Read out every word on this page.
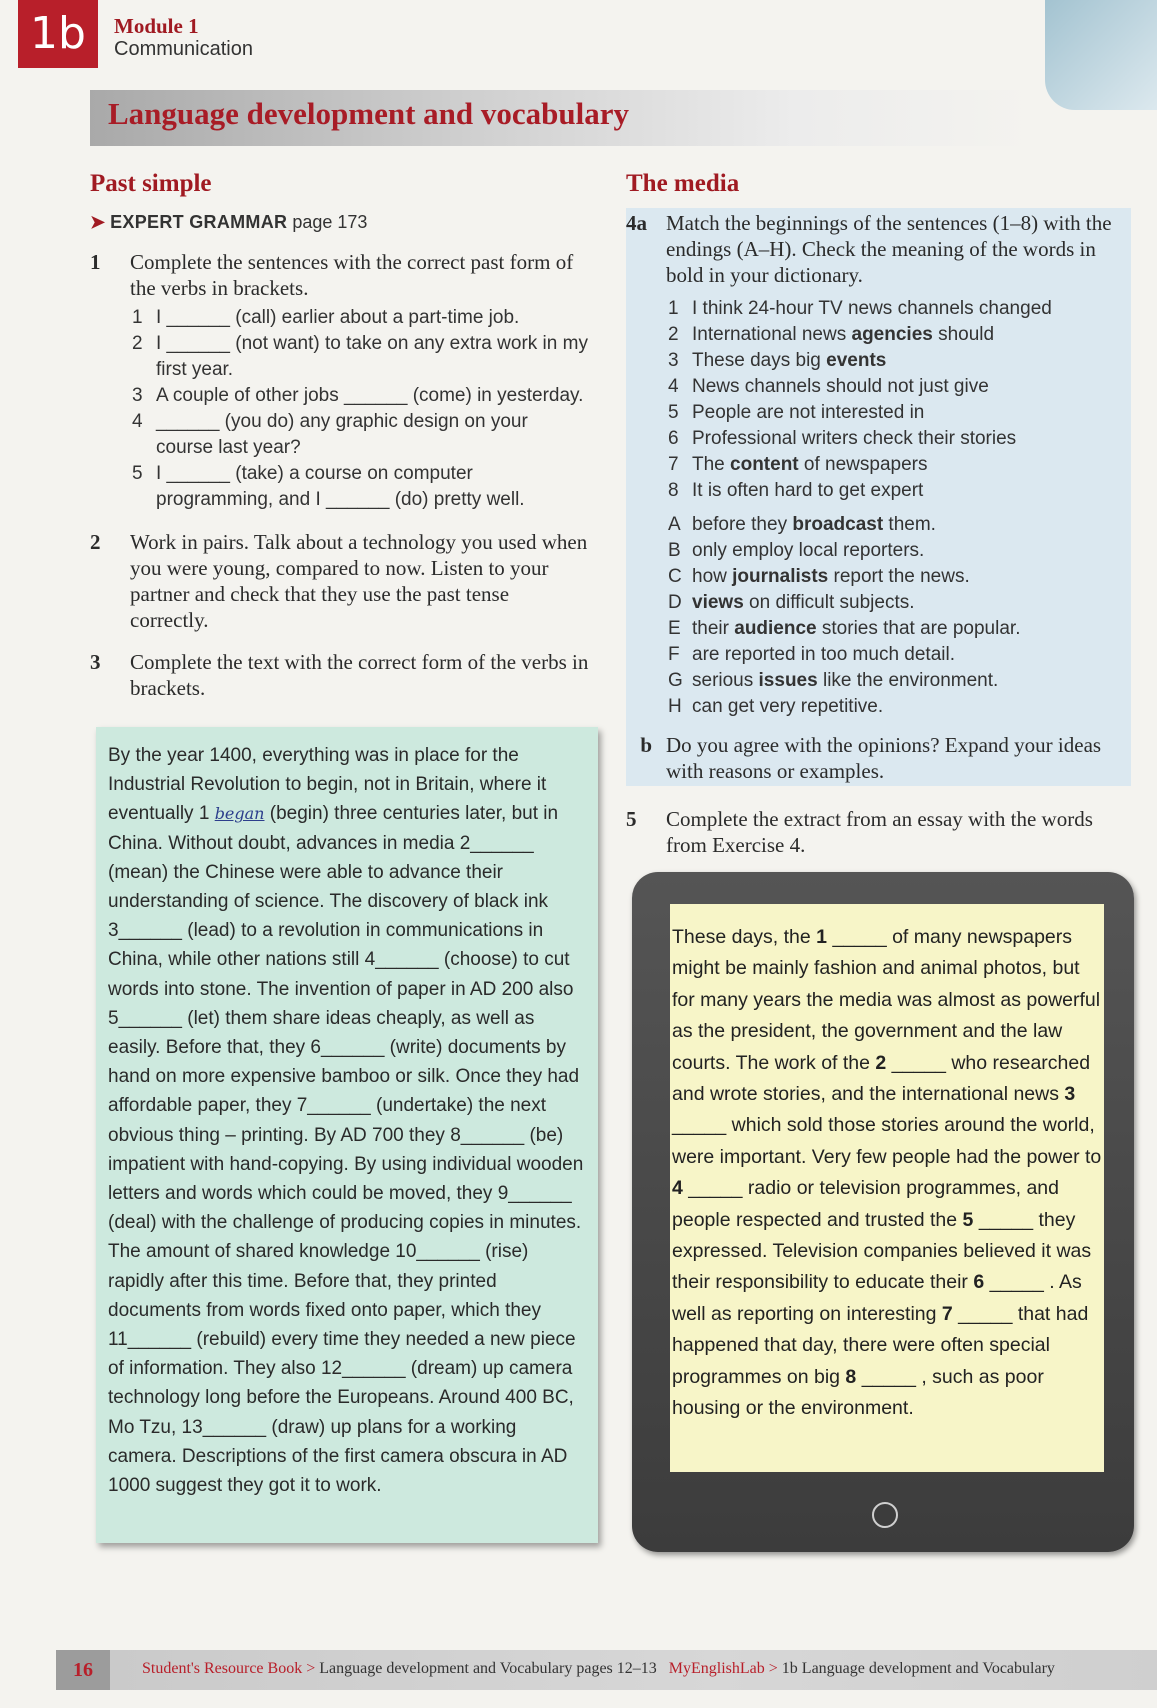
1b	Module 1
Communication
Language development and vocabulary
Past simple
➤ EXPERT GRAMMAR page 173
1	Complete the sentences with the correct past form of the verbs in brackets.
1 I ______ (call) earlier about a part-time job.
2 I ______ (not want) to take on any extra work in my first year.
3 A couple of other jobs ______ (come) in yesterday.
4 ______ (you do) any graphic design on your course last year?
5 I ______ (take) a course on computer programming, and I ______ (do) pretty well.
2	Work in pairs. Talk about a technology you used when you were young, compared to now. Listen to your partner and check that they use the past tense correctly.
3	Complete the text with the correct form of the verbs in brackets.
By the year 1400, everything was in place for the Industrial Revolution to begin, not in Britain, where it eventually 1 began (begin) three centuries later, but in China. Without doubt, advances in media 2______ (mean) the Chinese were able to advance their understanding of science. The discovery of black ink 3______ (lead) to a revolution in communications in China, while other nations still 4______ (choose) to cut words into stone. The invention of paper in AD 200 also 5______ (let) them share ideas cheaply, as well as easily. Before that, they 6______ (write) documents by hand on more expensive bamboo or silk. Once they had affordable paper, they 7______ (undertake) the next obvious thing – printing. By AD 700 they 8______ (be) impatient with hand-copying. By using individual wooden letters and words which could be moved, they 9______ (deal) with the challenge of producing copies in minutes. The amount of shared knowledge 10______ (rise) rapidly after this time. Before that, they printed documents from words fixed onto paper, which they 11______ (rebuild) every time they needed a new piece of information. They also 12______ (dream) up camera technology long before the Europeans. Around 400 BC, Mo Tzu, 13______ (draw) up plans for a working camera. Descriptions of the first camera obscura in AD 1000 suggest they got it to work.
The media
4a Match the beginnings of the sentences (1–8) with the endings (A–H). Check the meaning of the words in bold in your dictionary.
1 I think 24-hour TV news channels changed
2 International news agencies should
3 These days big events
4 News channels should not just give
5 People are not interested in
6 Professional writers check their stories
7 The content of newspapers
8 It is often hard to get expert
A before they broadcast them.
B only employ local reporters.
C how journalists report the news.
D views on difficult subjects.
E their audience stories that are popular.
F are reported in too much detail.
G serious issues like the environment.
H can get very repetitive.
b Do you agree with the opinions? Expand your ideas with reasons or examples.
5	Complete the extract from an essay with the words from Exercise 4.
These days, the 1 _____ of many newspapers might be mainly fashion and animal photos, but for many years the media was almost as powerful as the president, the government and the law courts. The work of the 2 _____ who researched and wrote stories, and the international news 3 _____ which sold those stories around the world, were important. Very few people had the power to 4 _____ radio or television programmes, and people respected and trusted the 5 _____ they expressed. Television companies believed it was their responsibility to educate their 6 _____ . As well as reporting on interesting 7 _____ that had happened that day, there were often special programmes on big 8 _____ , such as poor housing or the environment.
16	Student's Resource Book > Language development and Vocabulary pages 12–13 MyEnglishLab > 1b Language development and Vocabulary
